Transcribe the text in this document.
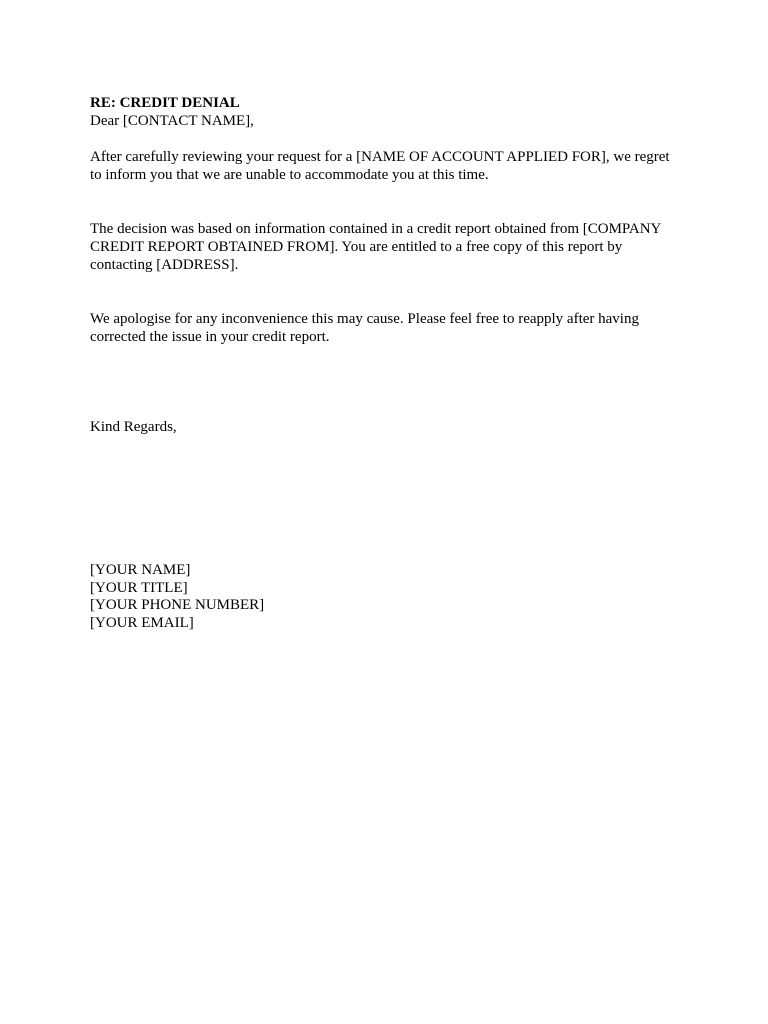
RE: CREDIT DENIAL

Dear [CONTACT NAME],

After carefully reviewing your request for a [NAME OF ACCOUNT APPLIED FOR], we regret to inform you that we are unable to accommodate you at this time.

The decision was based on information contained in a credit report obtained from [COMPANY CREDIT REPORT OBTAINED FROM]. You are entitled to a free copy of this report by contacting [ADDRESS].

We apologise for any inconvenience this may cause. Please feel free to reapply after having corrected the issue in your credit report.

Kind Regards,

[YOUR NAME]
[YOUR TITLE]
[YOUR PHONE NUMBER]
[YOUR EMAIL]
